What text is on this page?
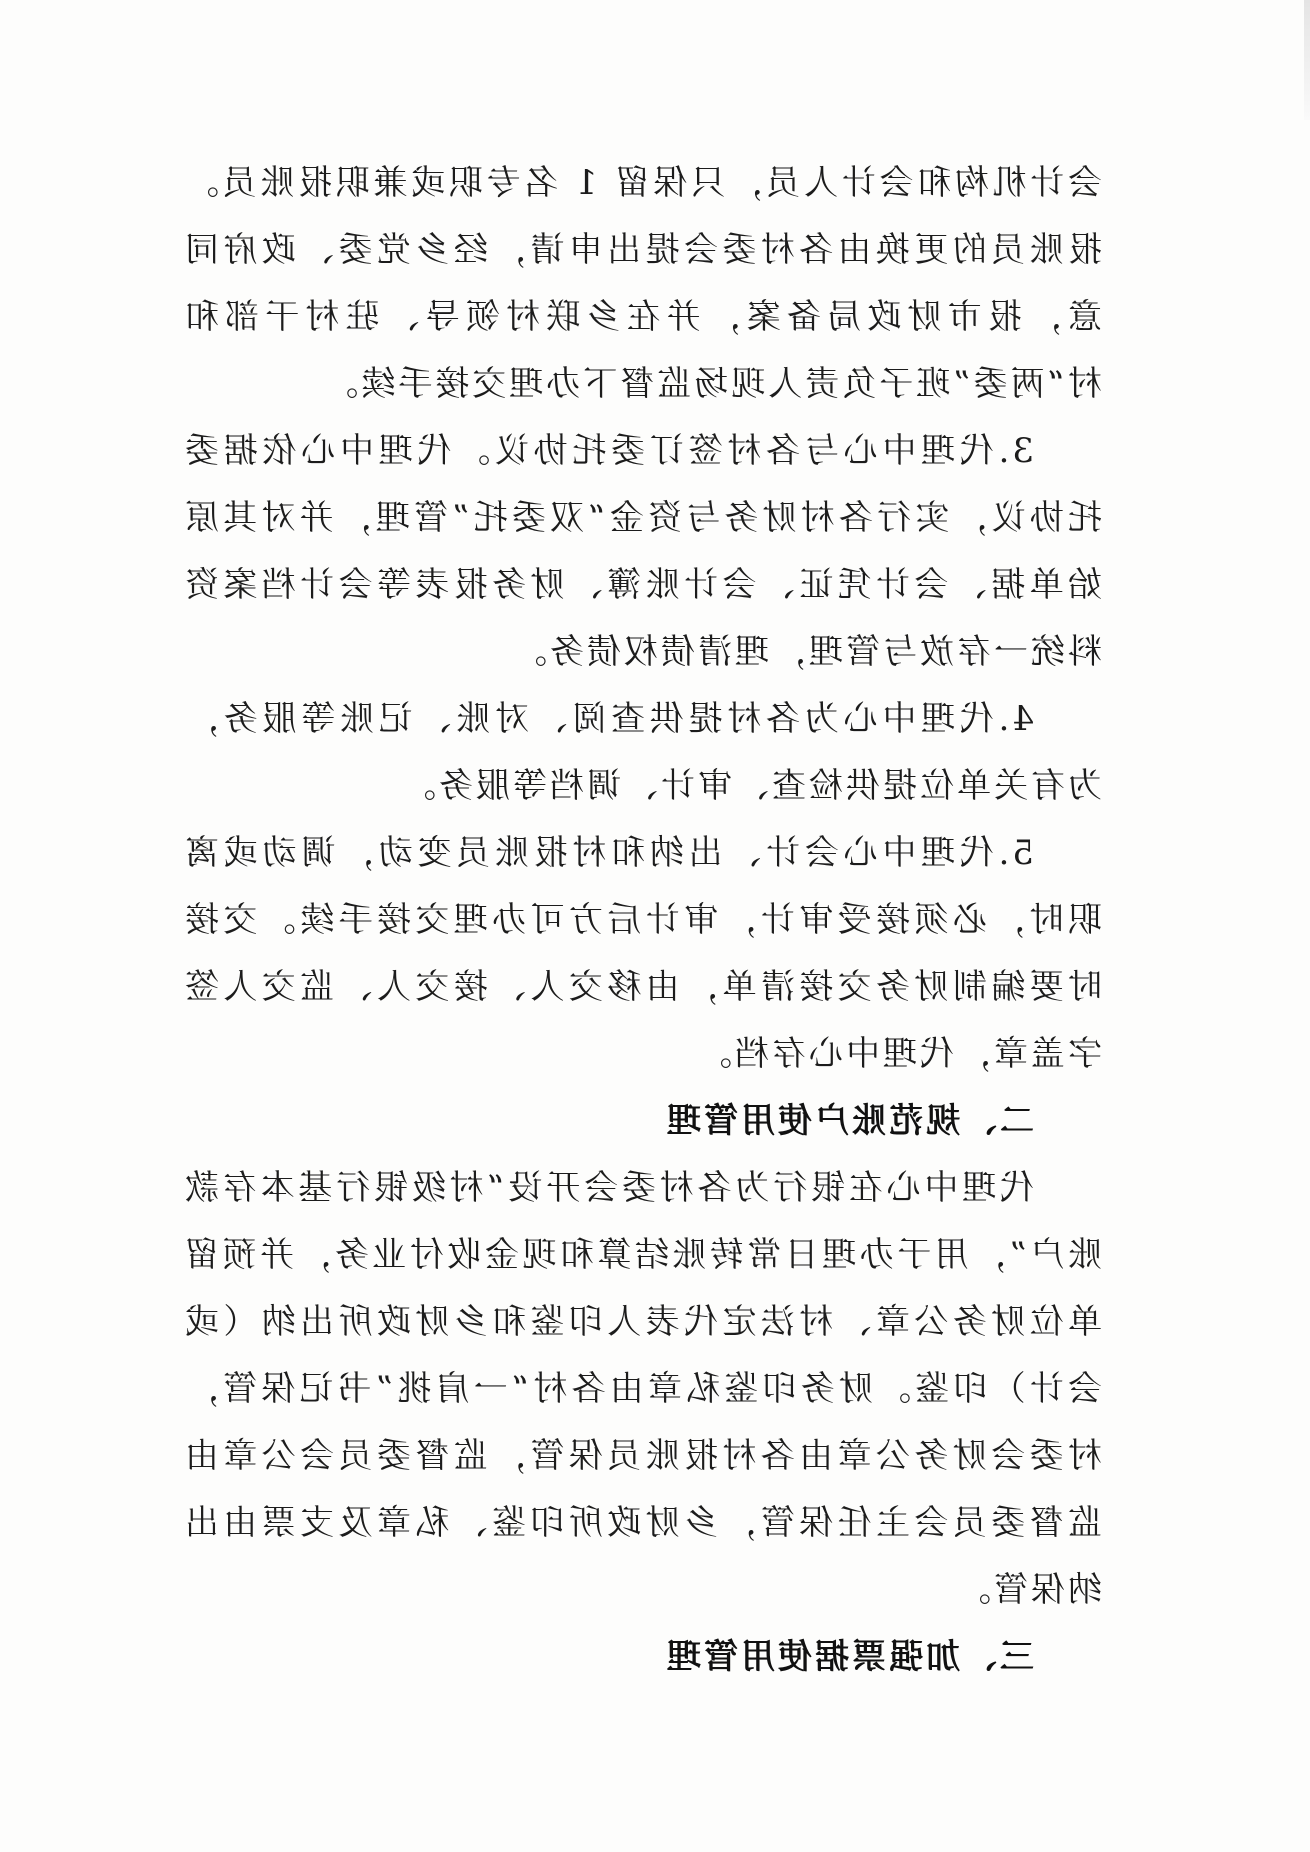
会计机构和会计人员，只保留 1 名专职或兼职报账员。报账员的更换由各村委会提出申请，经乡党委、政府同意，报市财政局备案，并在乡联村领导、驻村干部和村“两委”班子负责人现场监督下办理交接手续。

3.代理中心与各村签订委托协议。代理中心依据委托协议，实行各村财务与资金“双委托”管理，并对其原始单据、会计凭证、会计账簿、财务报表等会计档案资料统一存放与管理，理清债权债务。

4.代理中心为各村提供查阅、对账、记账等服务，为有关单位提供检查、审计、调档等服务。

5.代理中心会计、出纳和村报账员变动，调动或离职时，必须接受审计，审计后方可办理交接手续。交接时要编制财务交接清单，由移交人、接交人、监交人签字盖章，代理中心存档。

二、规范账户使用管理

代理中心在银行为各村委会开设“村级银行基本存款账户”，用于办理日常转账结算和现金收付业务，并预留单位财务公章、村法定代表人印鉴和乡财政所出纳（或会计）印鉴。财务印鉴私章由各村“一肩挑”书记保管，村委会财务公章由各村报账员保管，监督委员会公章由监督委员会主任保管，乡财政所印鉴、私章及支票由出纳保管。

三、加强票据使用管理
